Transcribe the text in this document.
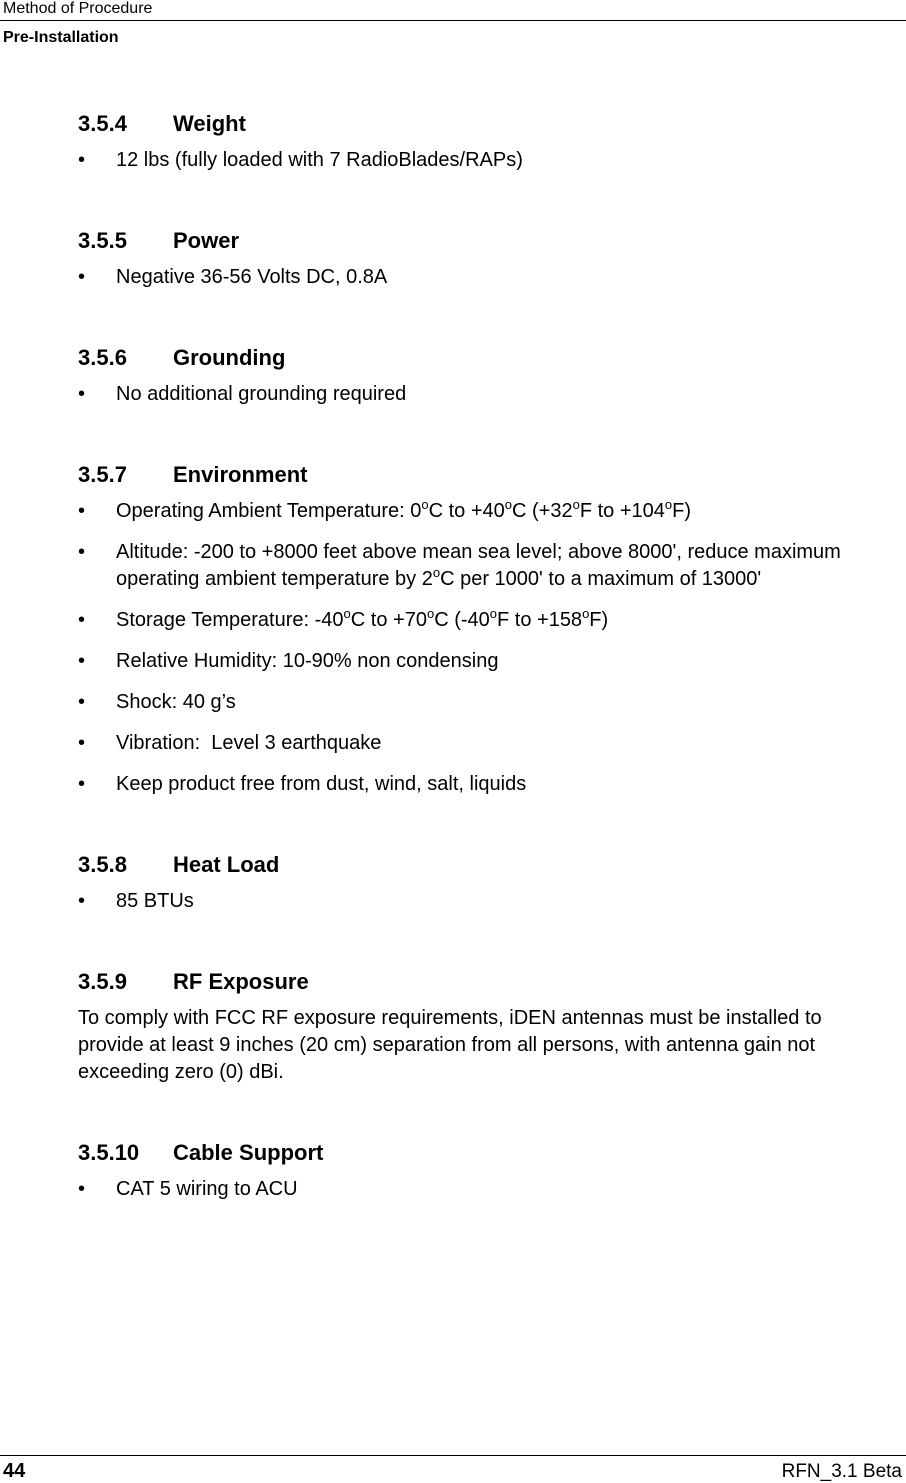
Method of Procedure
Pre-Installation
3.5.4	Weight
•	12 lbs (fully loaded with 7 RadioBlades/RAPs)
3.5.5	Power
•	Negative 36-56 Volts DC, 0.8A
3.5.6	Grounding
•	No additional grounding required
3.5.7	Environment
•	Operating Ambient Temperature: 0$^o$C to $+40^oC$ ($+32^oF$ to $+104^oF$)
•	Altitude: -200 to +8000 feet above mean sea level; above 8000', reduce maximum operating ambient temperature by 2$^o$C per 1000' to a maximum of 13000'
•	Storage Temperature: -40$^o$C to $+70^oC$ (-40$^o$F to $+158^oF$)
•	Relative Humidity: 10-90% non condensing
•	Shock: 40 g’s
•	Vibration:  Level 3 earthquake
•	Keep product free from dust, wind, salt, liquids
3.5.8	Heat Load
•	85 BTUs
3.5.9	RF Exposure
To comply with FCC RF exposure requirements, iDEN antennas must be installed to provide at least 9 inches (20 cm) separation from all persons, with antenna gain not exceeding zero (0) dBi.
3.5.10	Cable Support
•	CAT 5 wiring to ACU
44	RFN_3.1 Beta
